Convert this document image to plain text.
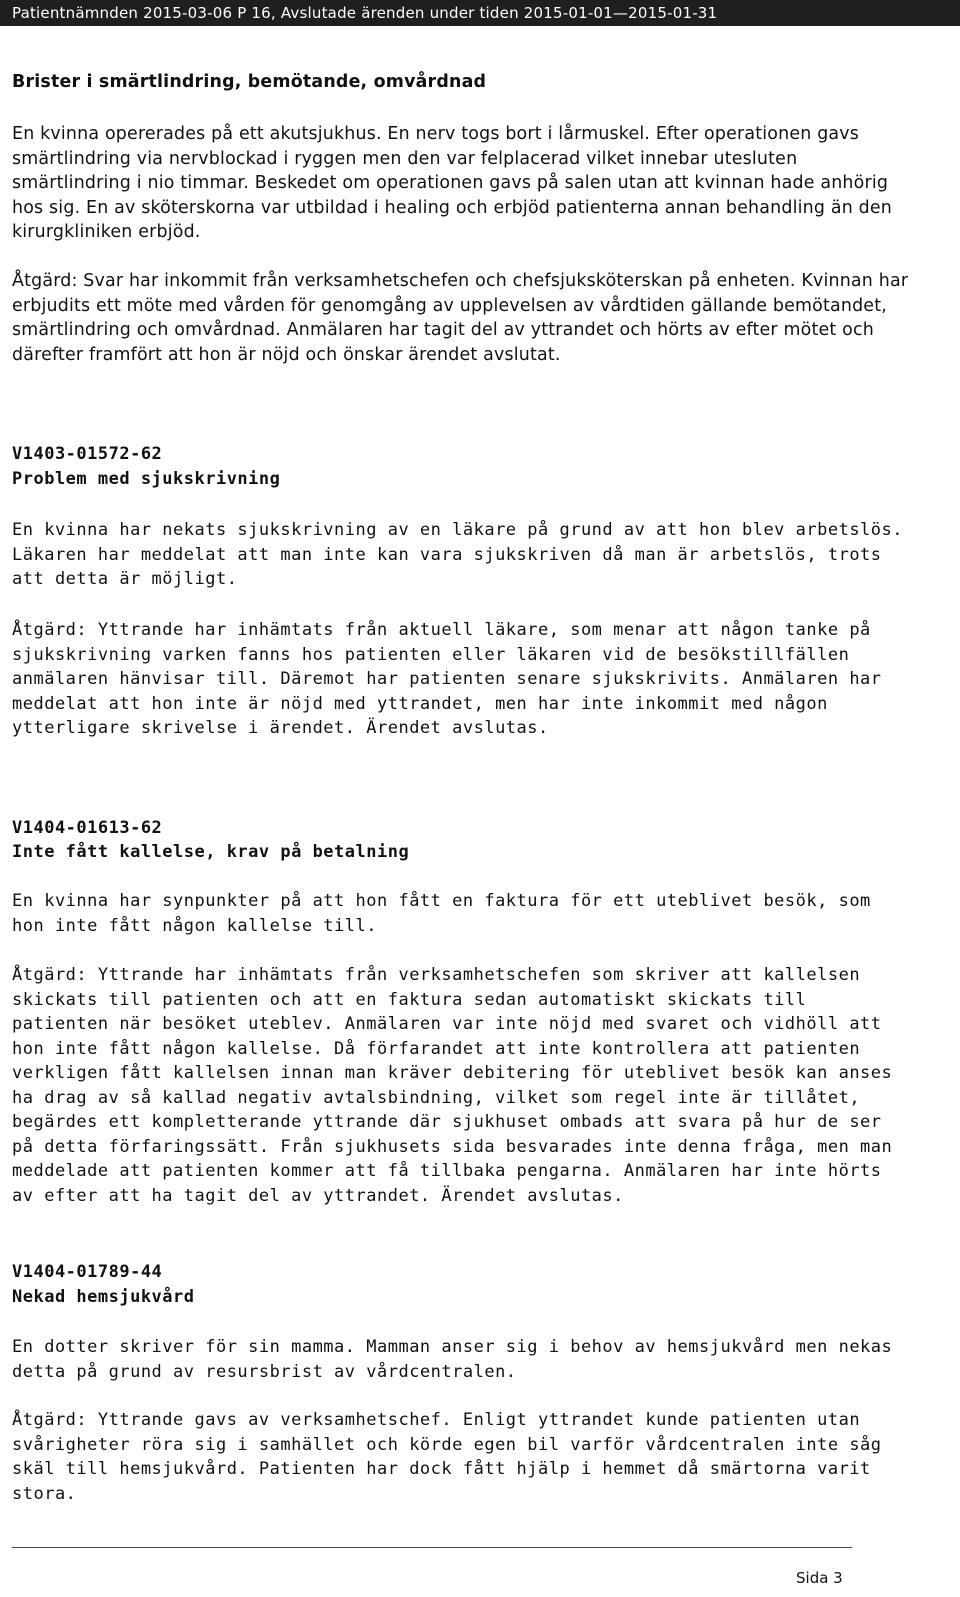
Patientnämnden 2015-03-06 P 16, Avslutade ärenden under tiden 2015-01-01—2015-01-31
Brister i smärtlindring, bemötande, omvårdnad

En kvinna opererades på ett akutsjukhus. En nerv togs bort i lårmuskel. Efter operationen gavs smärtlindring via nervblockad i ryggen men den var felplacerad vilket innebar utesluten smärtlindring i nio timmar. Beskedet om operationen gavs på salen utan att kvinnan hade anhörig hos sig. En av sköterskorna var utbildad i healing och erbjöd patienterna annan behandling än den kirurgkliniken erbjöd.

Åtgärd: Svar har inkommit från verksamhetschefen och chefsjuksköterskan på enheten. Kvinnan har erbjudits ett möte med vården för genomgång av upplevelsen av vårdtiden gällande bemötandet, smärtlindring och omvårdnad. Anmälaren har tagit del av yttrandet och hörts av efter mötet och därefter framfört att hon är nöjd och önskar ärendet avslutat.

V1403-01572-62
Problem med sjukskrivning

En kvinna har nekats sjukskrivning av en läkare på grund av att hon blev arbetslös. Läkaren har meddelat att man inte kan vara sjukskriven då man är arbetslös, trots att detta är möjligt.

Åtgärd: Yttrande har inhämtats från aktuell läkare, som menar att någon tanke på sjukskrivning varken fanns hos patienten eller läkaren vid de besökstillfällen anmälaren hänvisar till. Däremot har patienten senare sjukskrivits. Anmälaren har meddelat att hon inte är nöjd med yttrandet, men har inte inkommit med någon ytterligare skrivelse i ärendet. Ärendet avslutas.

V1404-01613-62
Inte fått kallelse, krav på betalning

En kvinna har synpunkter på att hon fått en faktura för ett uteblivet besök, som hon inte fått någon kallelse till.

Åtgärd: Yttrande har inhämtats från verksamhetschefen som skriver att kallelsen skickats till patienten och att en faktura sedan automatiskt skickats till patienten när besöket uteblev. Anmälaren var inte nöjd med svaret och vidhöll att hon inte fått någon kallelse. Då förfarandet att inte kontrollera att patienten verkligen fått kallelsen innan man kräver debitering för uteblivet besök kan anses ha drag av så kallad negativ avtalsbindning, vilket som regel inte är tillåtet, begärdes ett kompletterande yttrande där sjukhuset ombads att svara på hur de ser på detta förfaringssätt. Från sjukhusets sida besvarades inte denna fråga, men man meddelade att patienten kommer att få tillbaka pengarna. Anmälaren har inte hörts av efter att ha tagit del av yttrandet. Ärendet avslutas.

V1404-01789-44
Nekad hemsjukvård

En dotter skriver för sin mamma. Mamman anser sig i behov av hemsjukvård men nekas detta på grund av resursbrist av vårdcentralen.

Åtgärd: Yttrande gavs av verksamhetschef. Enligt yttrandet kunde patienten utan svårigheter röra sig i samhället och körde egen bil varför vårdcentralen inte såg skäl till hemsjukvård. Patienten har dock fått hjälp i hemmet då smärtorna varit stora.

Sida 3
